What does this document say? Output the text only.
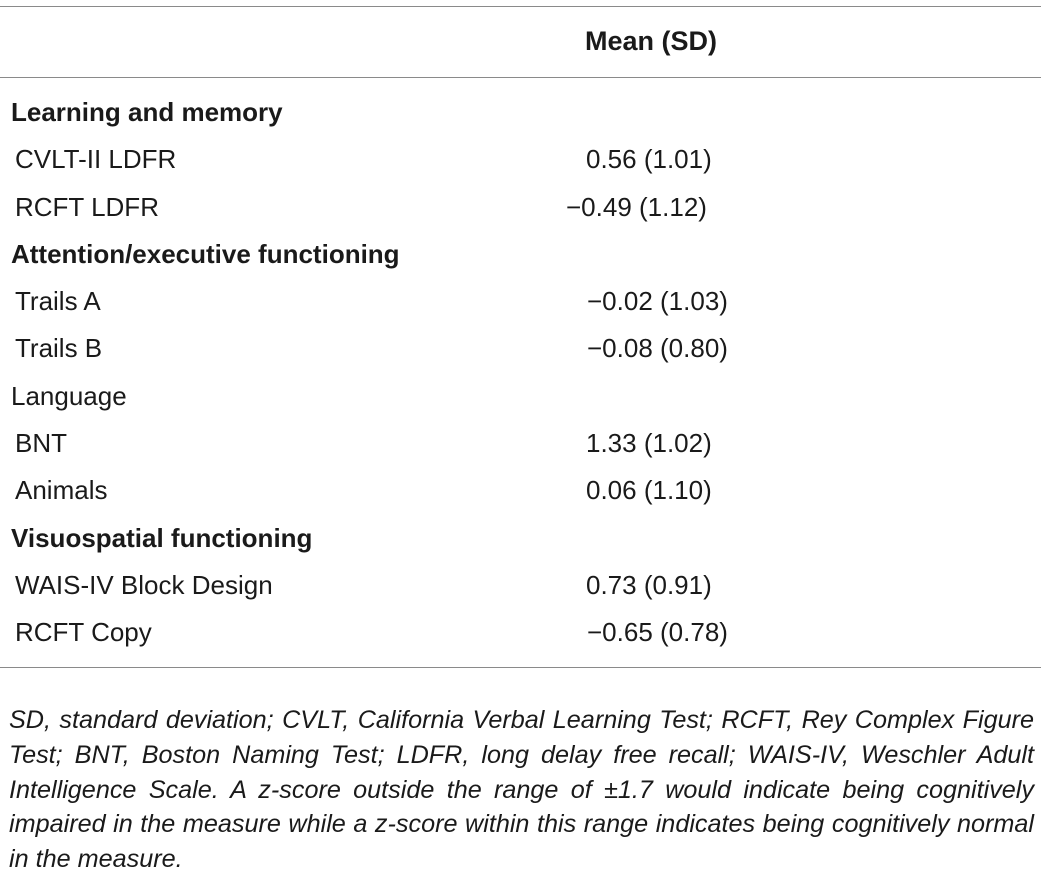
Mean (SD)
Learning and memory
CVLT-II LDFR	0.56 (1.01)
RCFT LDFR	−0.49 (1.12)
Attention/executive functioning
Trails A	−0.02 (1.03)
Trails B	−0.08 (0.80)
Language
BNT	1.33 (1.02)
Animals	0.06 (1.10)
Visuospatial functioning
WAIS-IV Block Design	0.73 (0.91)
RCFT Copy	−0.65 (0.78)

SD, standard deviation; CVLT, California Verbal Learning Test; RCFT, Rey Complex Figure Test; BNT, Boston Naming Test; LDFR, long delay free recall; WAIS-IV, Weschler Adult Intelligence Scale. A z-score outside the range of ±1.7 would indicate being cognitively impaired in the measure while a z-score within this range indicates being cognitively normal in the measure.
